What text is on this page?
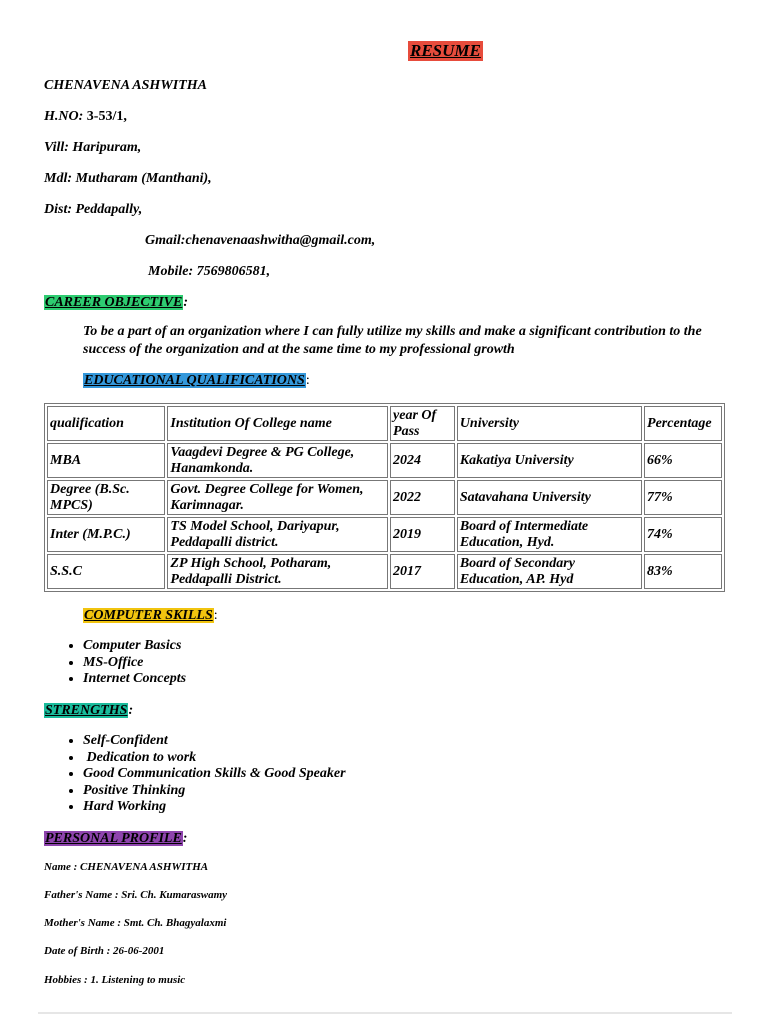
RESUME
CHENAVENA ASHWITHA
H.NO: 3-53/1,
Vill: Haripuram,
Mdl: Mutharam (Manthani),
Dist: Peddapally,
Gmail:chenavenaashwitha@gmail.com,
Mobile: 7569806581,
CAREER OBJECTIVE:
To be a part of an organization where I can fully utilize my skills and make a significant contribution to the success of the organization and at the same time to my professional growth
EDUCATIONAL QUALIFICATIONS:
qualification	Institution Of College name	year Of Pass	University	Percentage
MBA	Vaagdevi Degree & PG College, Hanamkonda.	2024	Kakatiya University	66%
Degree (B.Sc. MPCS)	Govt. Degree College for Women, Karimnagar.	2022	Satavahana University	77%
Inter (M.P.C.)	TS Model School, Dariyapur, Peddapalli district.	2019	Board of Intermediate Education, Hyd.	74%
S.S.C	ZP High School, Potharam, Peddapalli District.	2017	Board of Secondary Education, AP. Hyd	83%
COMPUTER SKILLS:
• Computer Basics
• MS-Office
• Internet Concepts
STRENGTHS:
• Self-Confident
•  Dedication to work
• Good Communication Skills & Good Speaker
• Positive Thinking
• Hard Working
PERSONAL PROFILE:
Name : CHENAVENA ASHWITHA
Father's Name : Sri. Ch. Kumaraswamy
Mother's Name : Smt. Ch. Bhagyalaxmi
Date of Birth : 26-06-2001
Hobbies : 1. Listening to music
